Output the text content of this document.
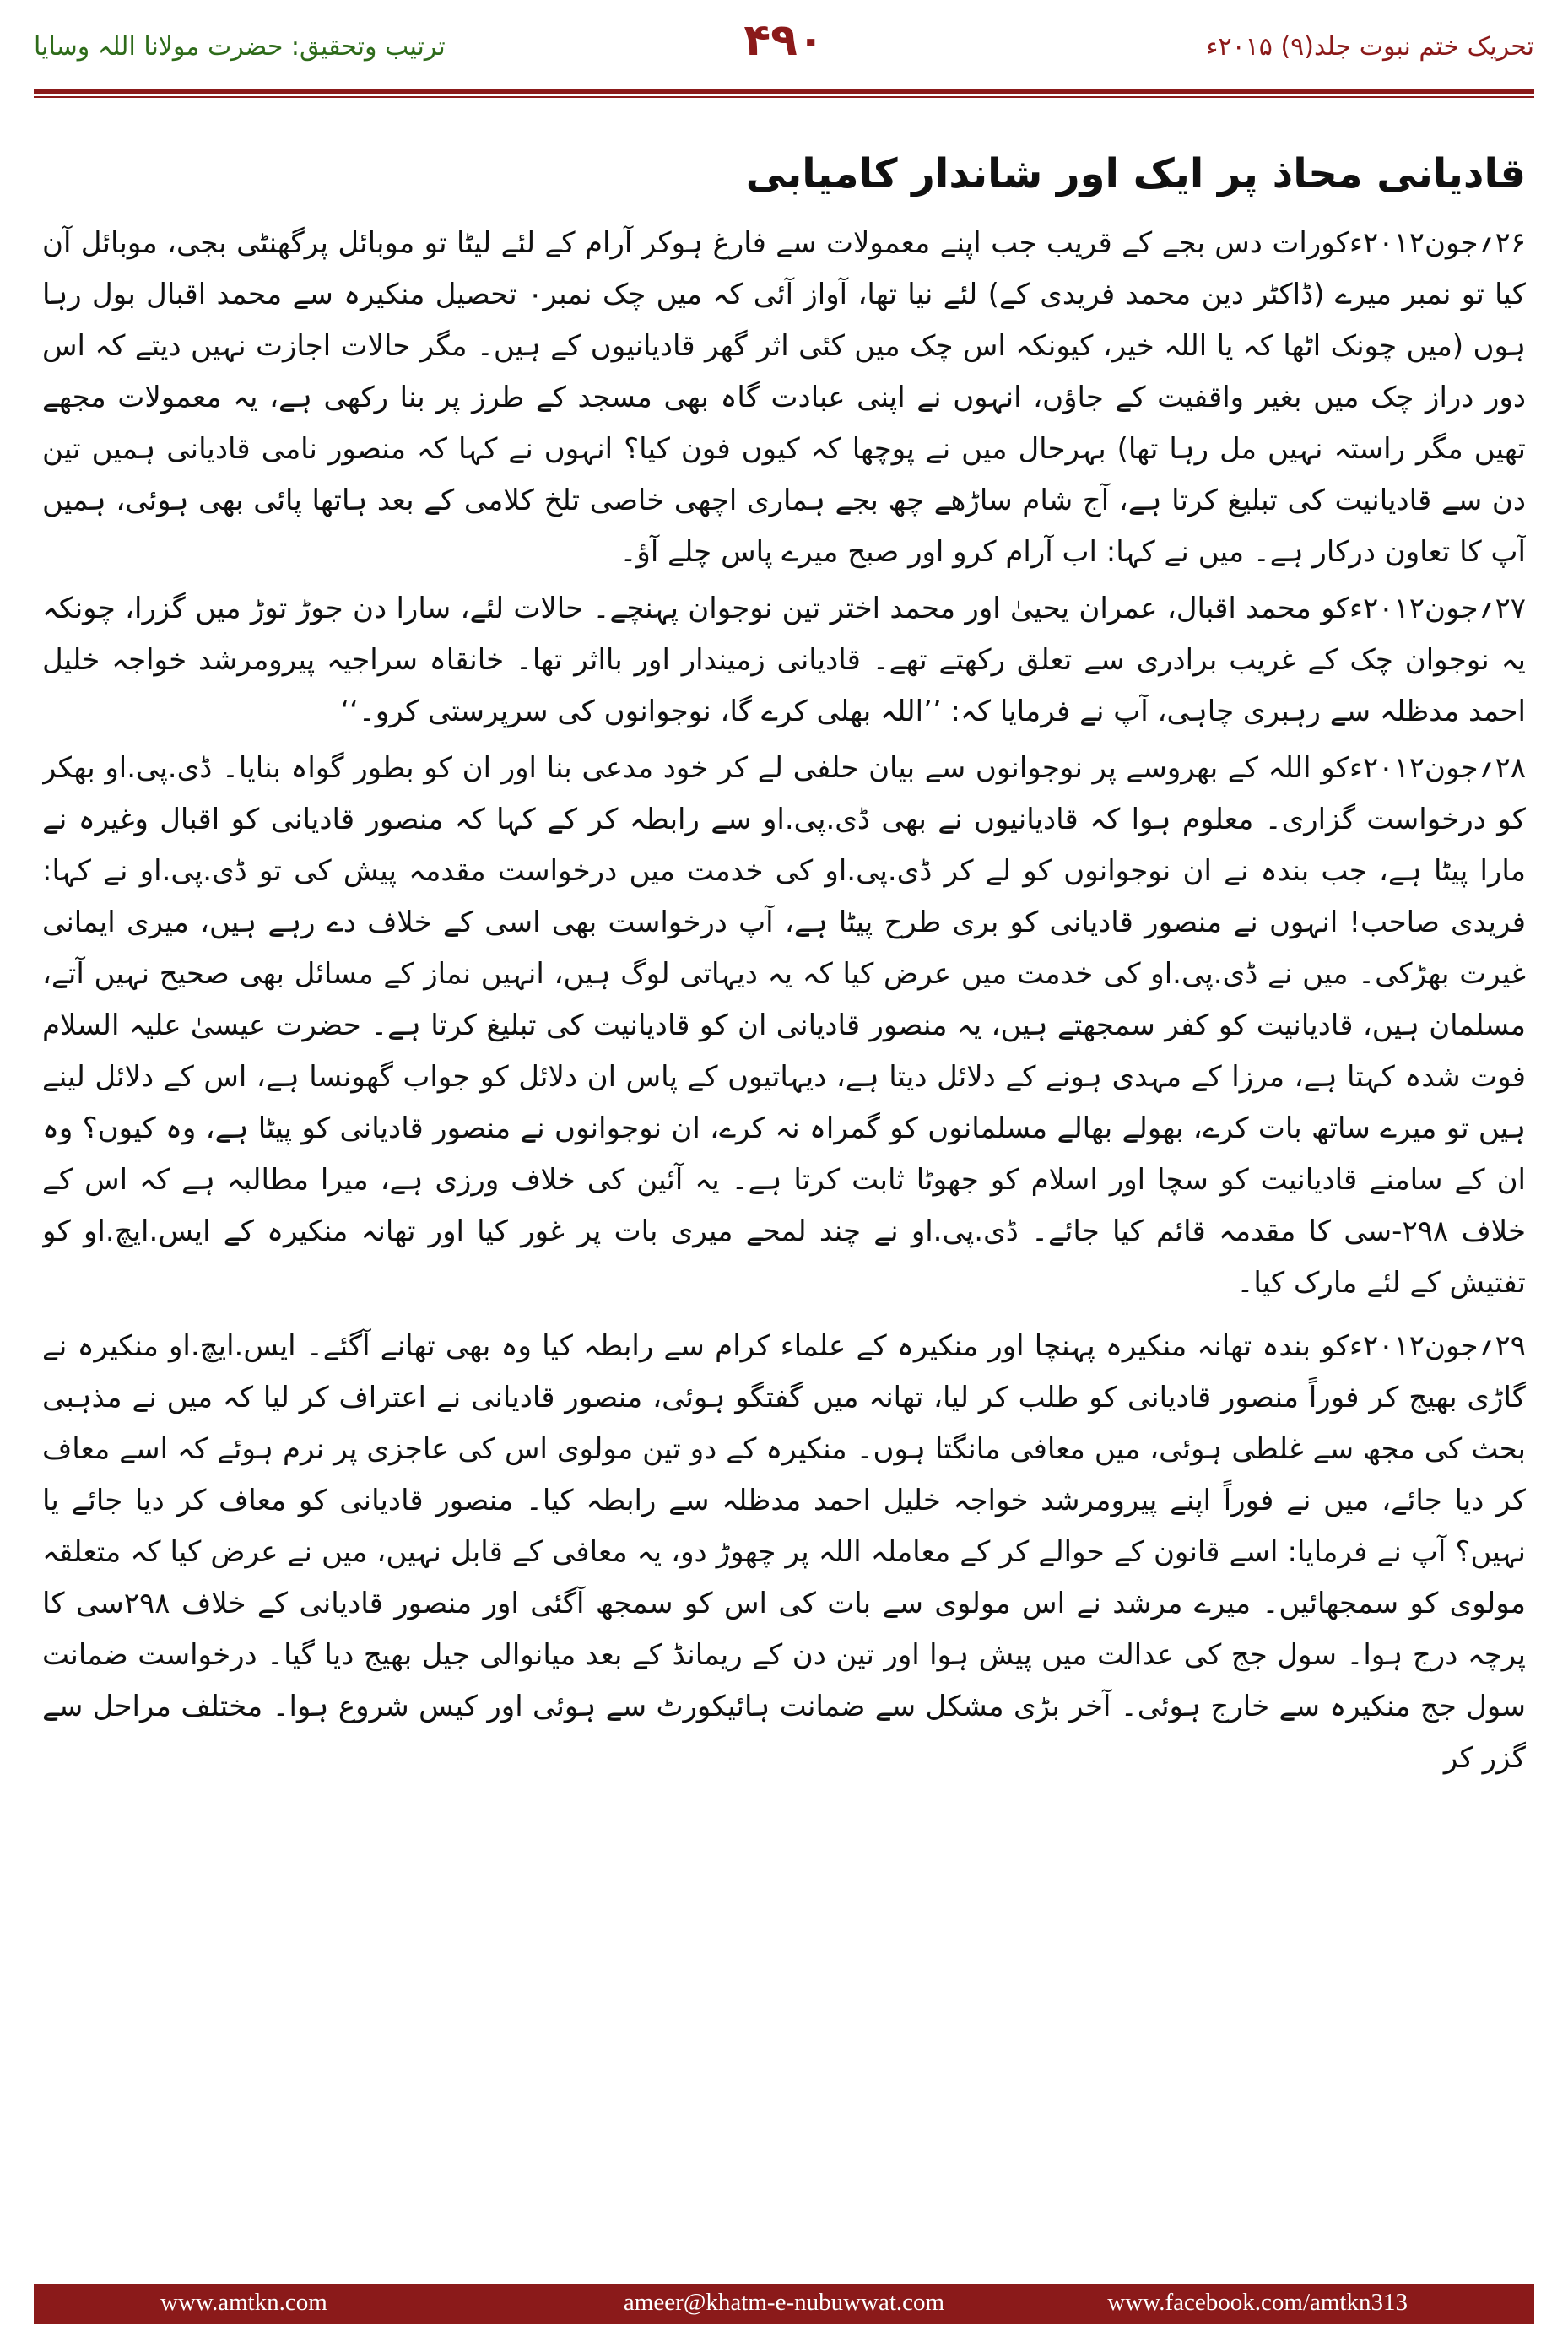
تحریک ختم نبوت جلد(۹) ۲۰۱۵ء
۴۹۰
ترتیب وتحقیق: حضرت مولانا اللہ وسایا
قادیانی محاذ پر ایک اور شاندار کامیابی

۲۶؍جون۲۰۱۲ءکورات دس بجے کے قریب جب اپنے معمولات سے فارغ ہوکر آرام کے لئے لیٹا تو موبائل پرگھنٹی بجی، موبائل آن کیا تو نمبر میرے (ڈاکٹر دین محمد فریدی کے) لئے نیا تھا، آواز آئی کہ میں چک نمبر۰ تحصیل منکیرہ سے محمد اقبال بول رہا ہوں (میں چونک اٹھا کہ یا اللہ خیر، کیونکہ اس چک میں کئی اثر گھر قادیانیوں کے ہیں۔ مگر حالات اجازت نہیں دیتے کہ اس دور دراز چک میں بغیر واقفیت کے جاؤں، انہوں نے اپنی عبادت گاہ بھی مسجد کے طرز پر بنا رکھی ہے، یہ معمولات مجھے تھیں مگر راستہ نہیں مل رہا تھا) بہرحال میں نے پوچھا کہ کیوں فون کیا؟ انہوں نے کہا کہ منصور نامی قادیانی ہمیں تین دن سے قادیانیت کی تبلیغ کرتا ہے، آج شام ساڑھے چھ بجے ہماری اچھی خاصی تلخ کلامی کے بعد ہاتھا پائی بھی ہوئی، ہمیں آپ کا تعاون درکار ہے۔ میں نے کہا: اب آرام کرو اور صبح میرے پاس چلے آؤ۔

۲۷؍جون۲۰۱۲ءکو محمد اقبال، عمران یحییٰ اور محمد اختر تین نوجوان پہنچے۔ حالات لئے، سارا دن جوڑ توڑ میں گزرا، چونکہ یہ نوجوان چک کے غریب برادری سے تعلق رکھتے تھے۔ قادیانی زمیندار اور بااثر تھا۔ خانقاہ سراجیہ پیرومرشد خواجہ خلیل احمد مدظلہ سے رہبری چاہی، آپ نے فرمایا کہ: ’’اللہ بھلی کرے گا، نوجوانوں کی سرپرستی کرو۔‘‘

۲۸؍جون۲۰۱۲ءکو اللہ کے بھروسے پر نوجوانوں سے بیان حلفی لے کر خود مدعی بنا اور ان کو بطور گواہ بنایا۔ ڈی.پی.او بھکر کو درخواست گزاری۔ معلوم ہوا کہ قادیانیوں نے بھی ڈی.پی.او سے رابطہ کر کے کہا کہ منصور قادیانی کو اقبال وغیرہ نے مارا پیٹا ہے، جب بندہ نے ان نوجوانوں کو لے کر ڈی.پی.او کی خدمت میں درخواست مقدمہ پیش کی تو ڈی.پی.او نے کہا: فریدی صاحب! انہوں نے منصور قادیانی کو بری طرح پیٹا ہے، آپ درخواست بھی اسی کے خلاف دے رہے ہیں، میری ایمانی غیرت بھڑکی۔ میں نے ڈی.پی.او کی خدمت میں عرض کیا کہ یہ دیہاتی لوگ ہیں، انہیں نماز کے مسائل بھی صحیح نہیں آتے، مسلمان ہیں، قادیانیت کو کفر سمجھتے ہیں، یہ منصور قادیانی ان کو قادیانیت کی تبلیغ کرتا ہے۔ حضرت عیسیٰ علیہ السلام فوت شدہ کہتا ہے، مرزا کے مہدی ہونے کے دلائل دیتا ہے، دیہاتیوں کے پاس ان دلائل کو جواب گھونسا ہے، اس کے دلائل لینے ہیں تو میرے ساتھ بات کرے، بھولے بھالے مسلمانوں کو گمراہ نہ کرے، ان نوجوانوں نے منصور قادیانی کو پیٹا ہے، وہ کیوں؟ وہ ان کے سامنے قادیانیت کو سچا اور اسلام کو جھوٹا ثابت کرتا ہے۔ یہ آئین کی خلاف ورزی ہے، میرا مطالبہ ہے کہ اس کے خلاف ۲۹۸-سی کا مقدمہ قائم کیا جائے۔ ڈی.پی.او نے چند لمحے میری بات پر غور کیا اور تھانہ منکیرہ کے ایس.ایچ.او کو تفتیش کے لئے مارک کیا۔

۲۹؍جون۲۰۱۲ءکو بندہ تھانہ منکیرہ پہنچا اور منکیرہ کے علماء کرام سے رابطہ کیا وہ بھی تھانے آگئے۔ ایس.ایچ.او منکیرہ نے گاڑی بھیج کر فوراً منصور قادیانی کو طلب کر لیا، تھانہ میں گفتگو ہوئی، منصور قادیانی نے اعتراف کر لیا کہ میں نے مذہبی بحث کی مجھ سے غلطی ہوئی، میں معافی مانگتا ہوں۔ منکیرہ کے دو تین مولوی اس کی عاجزی پر نرم ہوئے کہ اسے معاف کر دیا جائے، میں نے فوراً اپنے پیرومرشد خواجہ خلیل احمد مدظلہ سے رابطہ کیا۔ منصور قادیانی کو معاف کر دیا جائے یا نہیں؟ آپ نے فرمایا: اسے قانون کے حوالے کر کے معاملہ اللہ پر چھوڑ دو، یہ معافی کے قابل نہیں، میں نے عرض کیا کہ متعلقہ مولوی کو سمجھائیں۔ میرے مرشد نے اس مولوی سے بات کی اس کو سمجھ آگئی اور منصور قادیانی کے خلاف ۲۹۸سی کا پرچہ درج ہوا۔ سول جج کی عدالت میں پیش ہوا اور تین دن کے ریمانڈ کے بعد میانوالی جیل بھیج دیا گیا۔ درخواست ضمانت سول جج منکیرہ سے خارج ہوئی۔ آخر بڑی مشکل سے ضمانت ہائیکورٹ سے ہوئی اور کیس شروع ہوا۔ مختلف مراحل سے گزر کر

www.amtkn.com	ameer@khatm-e-nubuwwat.com	www.facebook.com/amtkn313
